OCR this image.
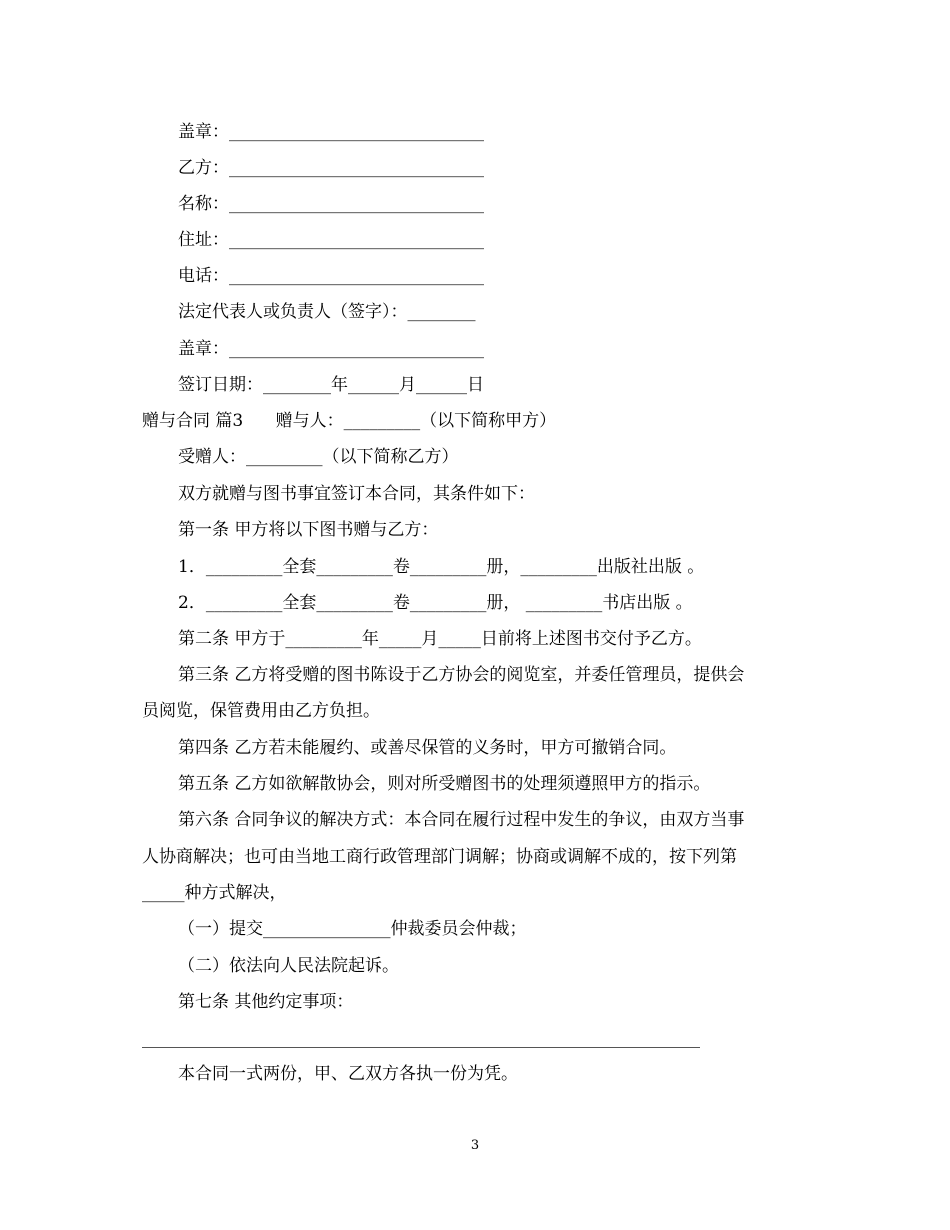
盖章：______________________________
乙方：______________________________
名称：______________________________
住址：______________________________
电话：______________________________
法定代表人或负责人（签字）：________
盖章：______________________________
签订日期：________年______月______日
赠与合同 篇3      赠与人：_________（以下简称甲方）
受赠人：_________（以下简称乙方）
双方就赠与图书事宜签订本合同，其条件如下：
第一条 甲方将以下图书赠与乙方：
1．_________全套_________卷_________册，_________出版社出版 。
2．_________全套_________卷_________册， _________书店出版 。
第二条 甲方于_________年_____月_____日前将上述图书交付予乙方。
第三条 乙方将受赠的图书陈设于乙方协会的阅览室，并委任管理员，提供会
员阅览，保管费用由乙方负担。
第四条 乙方若未能履约、或善尽保管的义务时，甲方可撤销合同。
第五条 乙方如欲解散协会，则对所受赠图书的处理须遵照甲方的指示。
第六条 合同争议的解决方式：本合同在履行过程中发生的争议，由双方当事
人协商解决；也可由当地工商行政管理部门调解；协商或调解不成的，按下列第
_____种方式解决，
（一）提交_______________仲裁委员会仲裁；
（二）依法向人民法院起诉。
第七条 其他约定事项：
本合同一式两份，甲、乙双方各执一份为凭。
3
